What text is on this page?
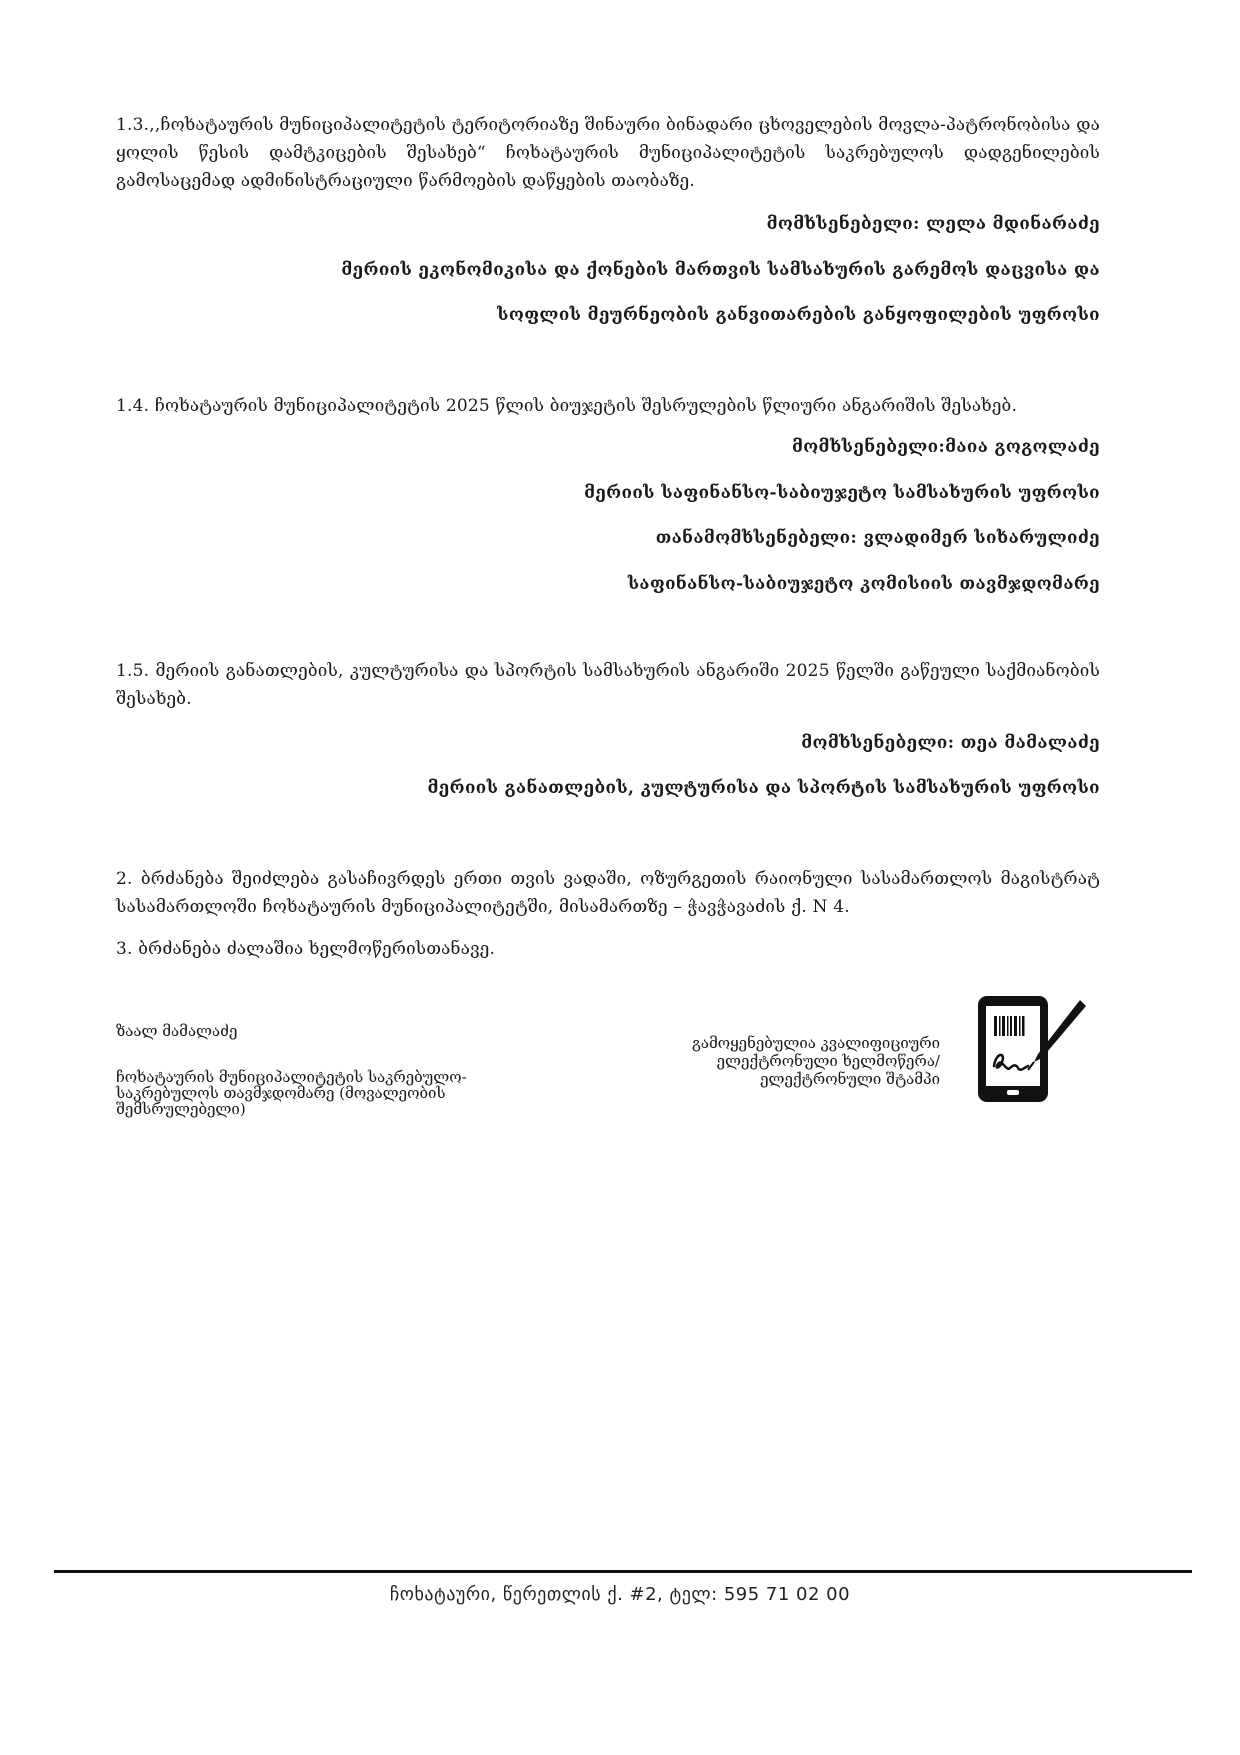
1.3.,,ჩოხატაურის მუნიციპალიტეტის ტერიტორიაზე შინაური ბინადარი ცხოველების მოვლა-პატრონობისა და ყოლის წესის დამტკიცების შესახებ“ ჩოხატაურის მუნიციპალიტეტის საკრებულოს დადგენილების გამოსაცემად ადმინისტრაციული წარმოების დაწყების თაობაზე.

მომხსენებელი: ლელა მდინარაძე

მერიის ეკონომიკისა და ქონების მართვის სამსახურის გარემოს დაცვისა და

სოფლის მეურნეობის განვითარების განყოფილების უფროსი

1.4. ჩოხატაურის მუნიციპალიტეტის 2025 წლის ბიუჯეტის შესრულების წლიური ანგარიშის შესახებ.

მომხსენებელი:მაია გოგოლაძე

მერიის საფინანსო-საბიუჯეტო სამსახურის უფროსი

თანამომხსენებელი: ვლადიმერ სიხარულიძე

საფინანსო-საბიუჯეტო კომისიის თავმჯდომარე

1.5. მერიის განათლების, კულტურისა და სპორტის სამსახურის ანგარიში 2025 წელში გაწეული საქმიანობის შესახებ.

მომხსენებელი: თეა მამალაძე

მერიის განათლების, კულტურისა და სპორტის სამსახურის უფროსი

2. ბრძანება შეიძლება გასაჩივრდეს ერთი თვის ვადაში, ოზურგეთის რაიონული სასამართლოს მაგისტრატ სასამართლოში ჩოხატაურის მუნიციპალიტეტში, მისამართზე – ჭავჭავაძის ქ. N 4.

3. ბრძანება ძალაშია ხელმოწერისთანავე.

ზაალ მამალაძე

ჩოხატაურის მუნიციპალიტეტის საკრებულო-
საკრებულოს თავმჯდომარე (მოვალეობის
შემსრულებელი)
გამოყენებულია კვალიფიციური
ელექტრონული ხელმოწერა/
ელექტრონული შტამპი
ჩოხატაური, წერეთლის ქ. #2, ტელ: 595 71 02 00
